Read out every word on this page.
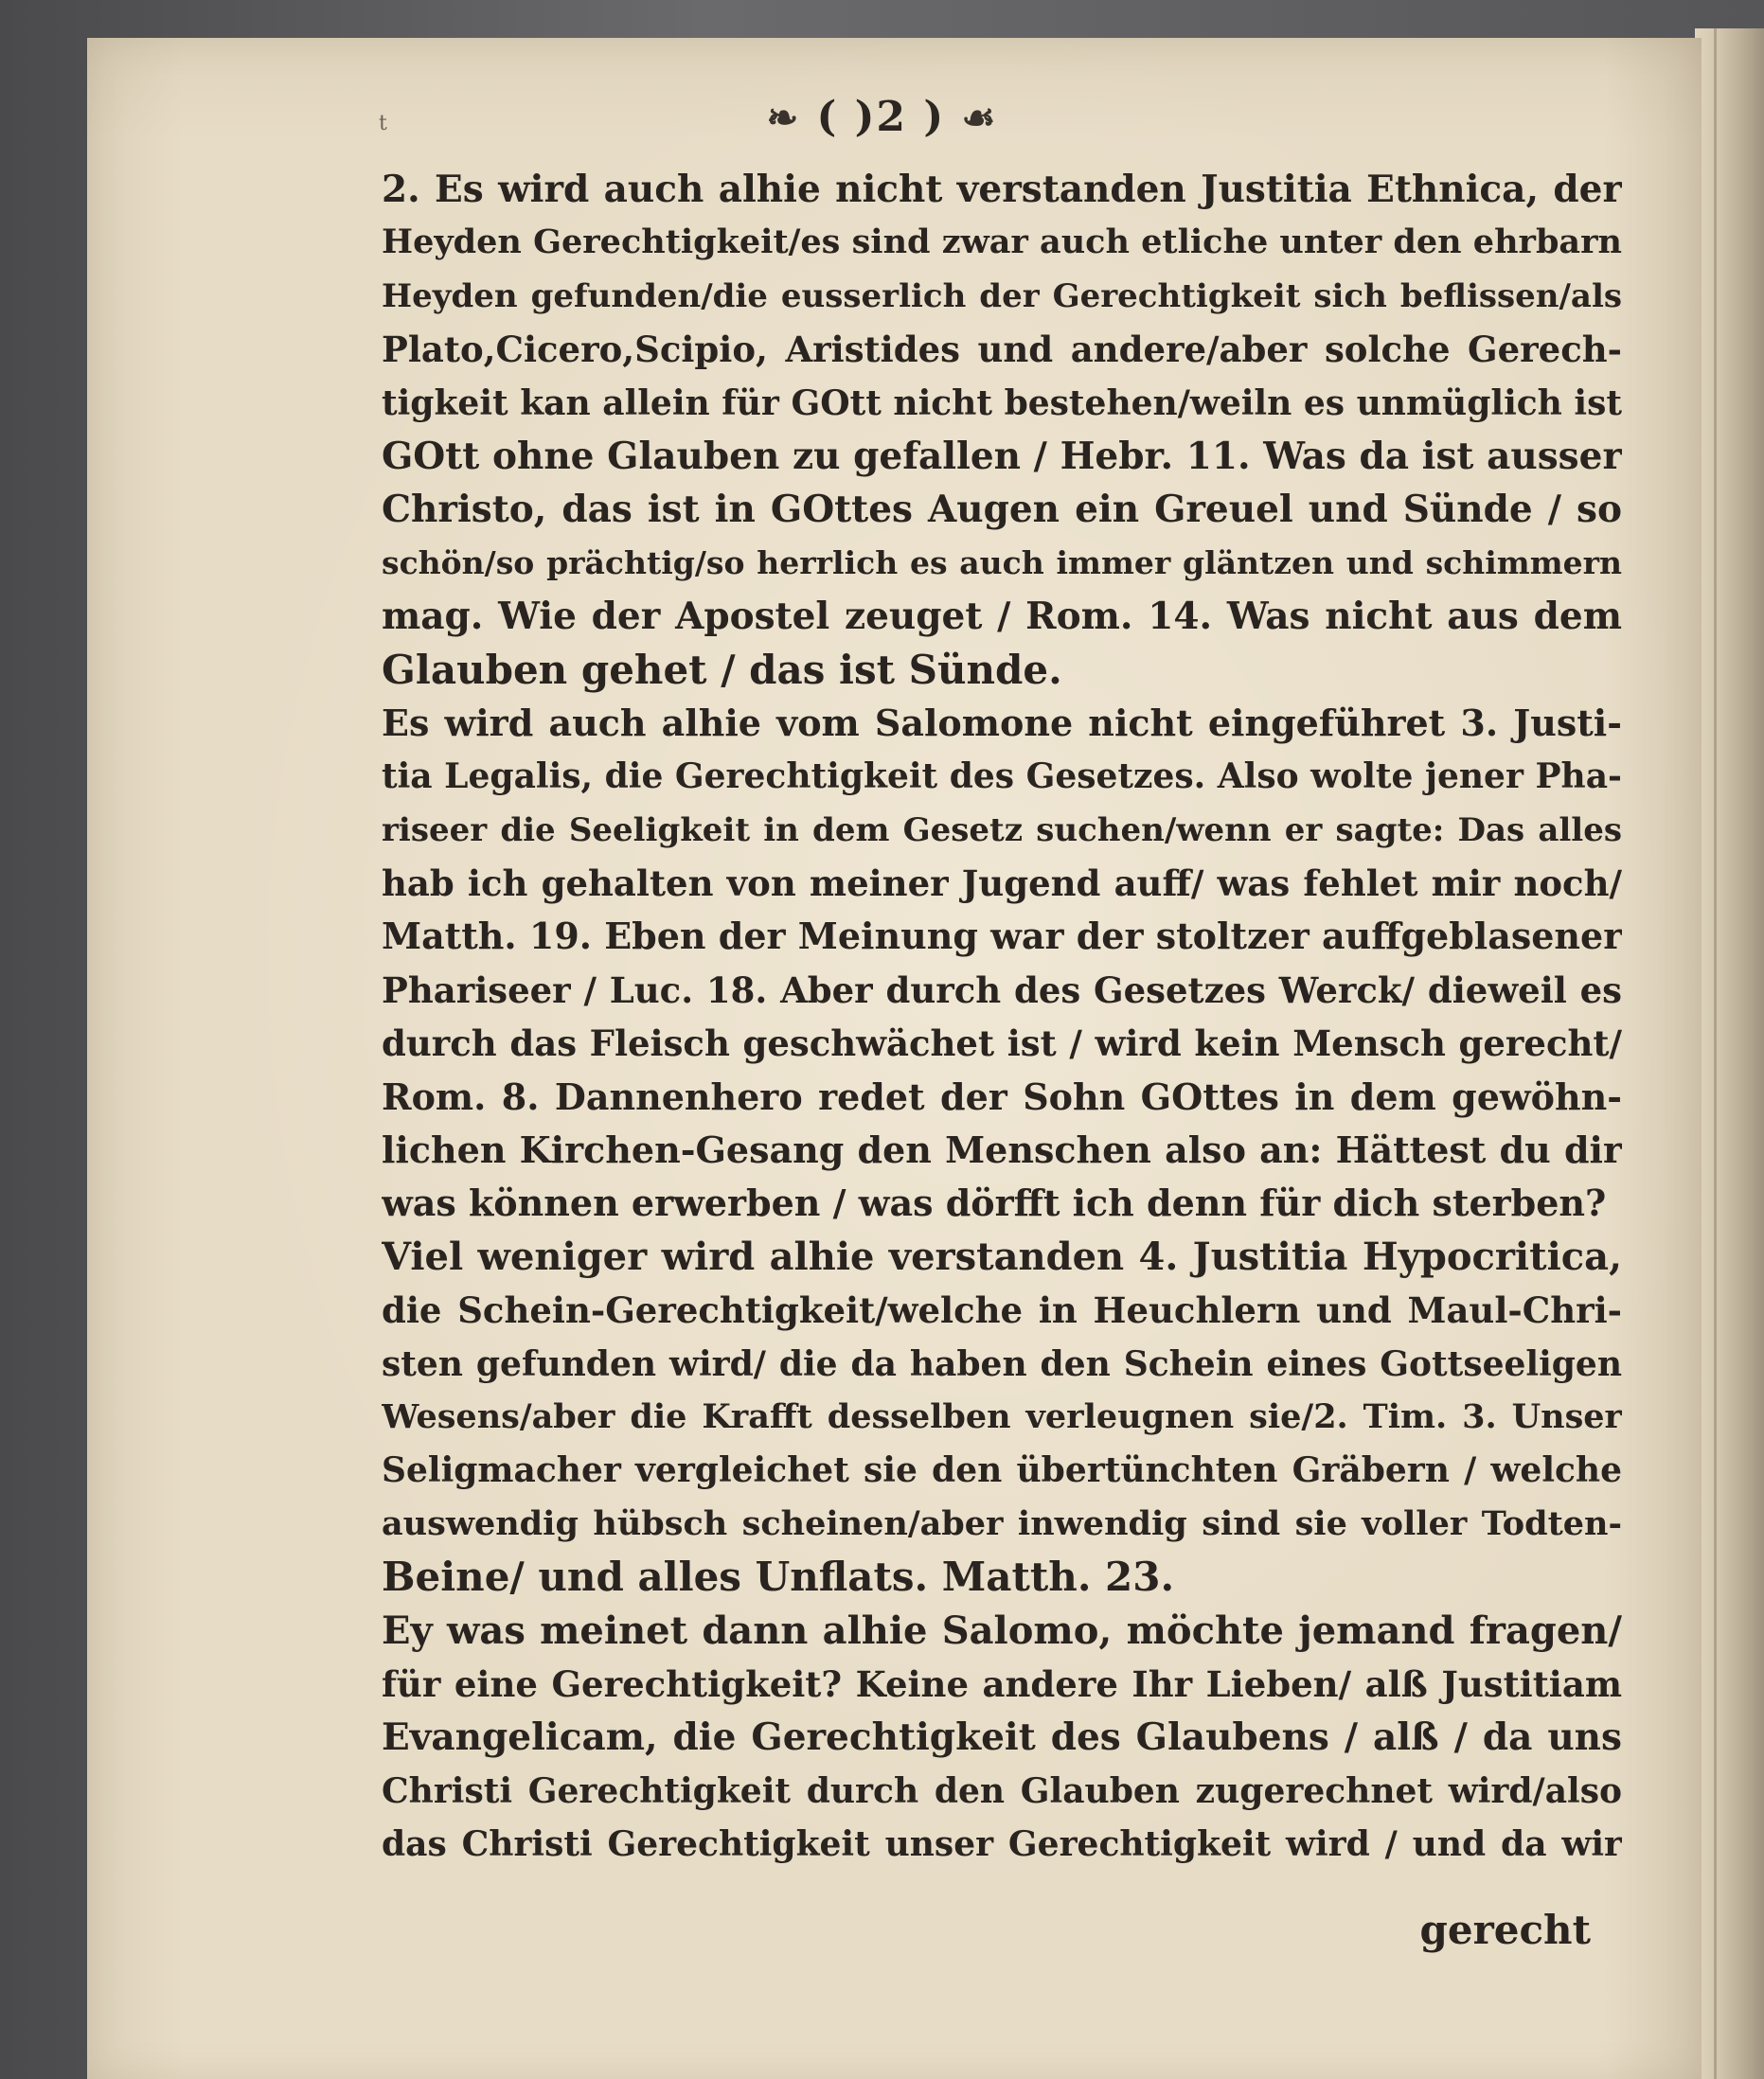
t	❧ ( )2 ) ☙
2. Es wird auch alhie nicht verstanden Justitia Ethnica, der
Heyden Gerechtigkeit/es sind zwar auch etliche unter den ehrbarn
Heyden gefunden/die eusserlich der Gerechtigkeit sich beflissen/als
Plato,Cicero,Scipio, Aristides und andere/aber solche Gerech-
tigkeit kan allein für GOtt nicht bestehen/weiln es unmüglich ist
GOtt ohne Glauben zu gefallen / Hebr. 11. Was da ist ausser
Christo, das ist in GOttes Augen ein Greuel und Sünde / so
schön/so prächtig/so herrlich es auch immer gläntzen und schimmern
mag. Wie der Apostel zeuget / Rom. 14. Was nicht aus dem
Glauben gehet / das ist Sünde.
Es wird auch alhie vom Salomone nicht eingeführet 3. Justi-
tia Legalis, die Gerechtigkeit des Gesetzes. Also wolte jener Pha-
riseer die Seeligkeit in dem Gesetz suchen/wenn er sagte: Das alles
hab ich gehalten von meiner Jugend auff/ was fehlet mir noch/
Matth. 19. Eben der Meinung war der stoltzer auffgeblasener
Phariseer / Luc. 18. Aber durch des Gesetzes Werck/ dieweil es
durch das Fleisch geschwächet ist / wird kein Mensch gerecht/
Rom. 8. Dannenhero redet der Sohn GOttes in dem gewöhn-
lichen Kirchen-Gesang den Menschen also an: Hättest du dir
was können erwerben / was dörfft ich denn für dich sterben?
Viel weniger wird alhie verstanden 4. Justitia Hypocritica,
die Schein-Gerechtigkeit/welche in Heuchlern und Maul-Chri-
sten gefunden wird/ die da haben den Schein eines Gottseeligen
Wesens/aber die Krafft desselben verleugnen sie/2. Tim. 3. Unser
Seligmacher vergleichet sie den übertünchten Gräbern / welche
auswendig hübsch scheinen/aber inwendig sind sie voller Todten-
Beine/ und alles Unflats. Matth. 23.
Ey was meinet dann alhie Salomo, möchte jemand fragen/
für eine Gerechtigkeit? Keine andere Ihr Lieben/ alß Justitiam
Evangelicam, die Gerechtigkeit des Glaubens / alß / da uns
Christi Gerechtigkeit durch den Glauben zugerechnet wird/also
das Christi Gerechtigkeit unser Gerechtigkeit wird / und da wir
gerecht
